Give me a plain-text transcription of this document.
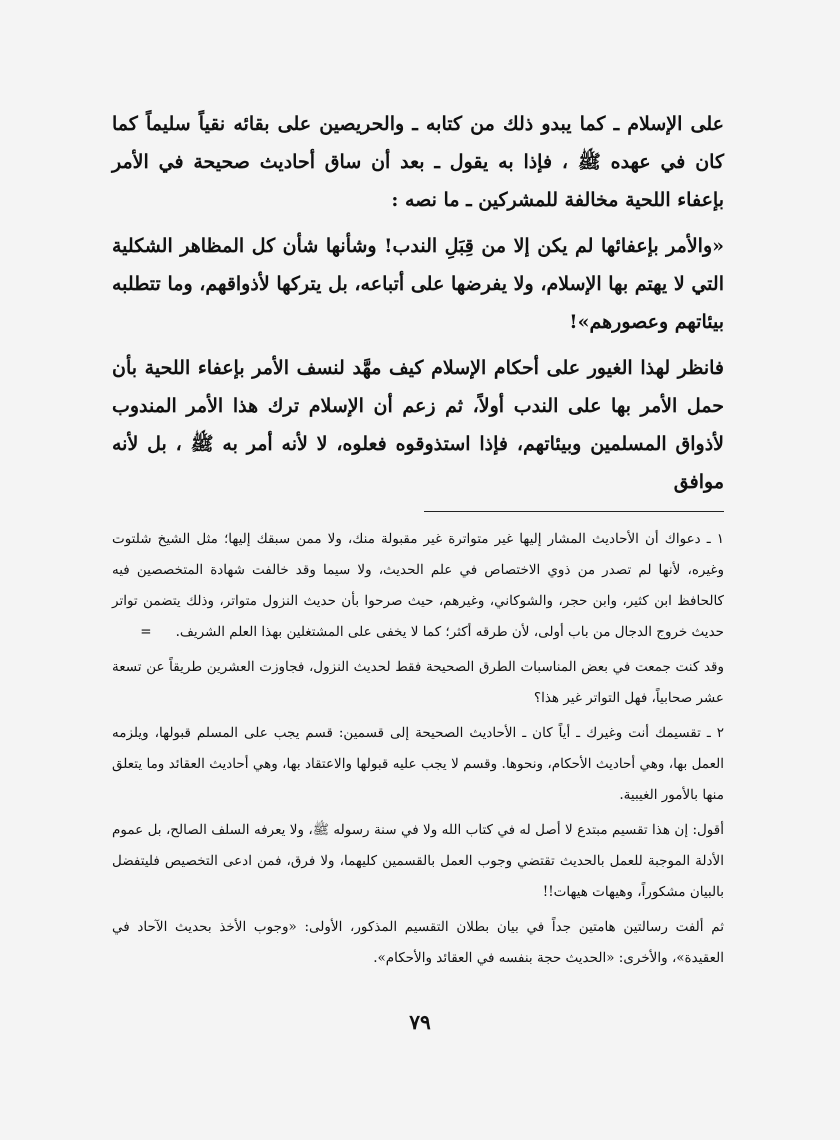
على الإسلام ـ كما يبدو ذلك من كتابه ـ والحريصين على بقائه نقياً سليماً كما كان في عهده ﷺ ، فإذا به يقول ـ بعد أن ساق أحاديث صحيحة في الأمر بإعفاء اللحية مخالفة للمشركين ـ ما نصه :

«والأمر بإعفائها لم يكن إلا من قِبَلِ الندب! وشأنها شأن كل المظاهر الشكلية التي لا يهتم بها الإسلام، ولا يفرضها على أتباعه، بل يتركها لأذواقهم، وما تتطلبه بيئاتهم وعصورهم»!

فانظر لهذا الغيور على أحكام الإسلام كيف مهَّد لنسف الأمر بإعفاء اللحية بأن حمل الأمر بها على الندب أولاً، ثم زعم أن الإسلام ترك هذا الأمر المندوب لأذواق المسلمين وبيئاتهم، فإذا استذوقوه فعلوه، لا لأنه أمر به ﷺ ، بل لأنه موافق

١ ـ دعواك أن الأحاديث المشار إليها غير متواترة غير مقبولة منك، ولا ممن سبقك إليها؛ مثل الشيخ شلتوت وغيره، لأنها لم تصدر من ذوي الاختصاص في علم الحديث، ولا سيما وقد خالفت شهادة المتخصصين فيه كالحافظ ابن كثير، وابن حجر، والشوكاني، وغيرهم، حيث صرحوا بأن حديث النزول متواتر، وذلك يتضمن تواتر حديث خروج الدجال من باب أولى، لأن طرقه أكثر؛ كما لا يخفى على المشتغلين بهذا العلم الشريف.=

وقد كنت جمعت في بعض المناسبات الطرق الصحيحة فقط لحديث النزول، فجاوزت العشرين طريقاً عن تسعة عشر صحابياً، فهل التواتر غير هذا؟

٢ ـ تقسيمك أنت وغيرك ـ أياً كان ـ الأحاديث الصحيحة إلى قسمين: قسم يجب على المسلم قبولها، ويلزمه العمل بها، وهي أحاديث الأحكام، ونحوها. وقسم لا يجب عليه قبولها والاعتقاد بها، وهي أحاديث العقائد وما يتعلق منها بالأمور الغيبية.

أقول: إن هذا تقسيم مبتدع لا أصل له في كتاب الله ولا في سنة رسوله ﷺ، ولا يعرفه السلف الصالح، بل عموم الأدلة الموجبة للعمل بالحديث تقتضي وجوب العمل بالقسمين كليهما، ولا فرق، فمن ادعى التخصيص فليتفضل بالبيان مشكوراً، وهيهات هيهات!!

ثم ألفت رسالتين هامتين جداً في بيان بطلان التقسيم المذكور، الأولى: «وجوب الأخذ بحديث الآحاد في العقيدة»، والأخرى: «الحديث حجة بنفسه في العقائد والأحكام».

٧٩
